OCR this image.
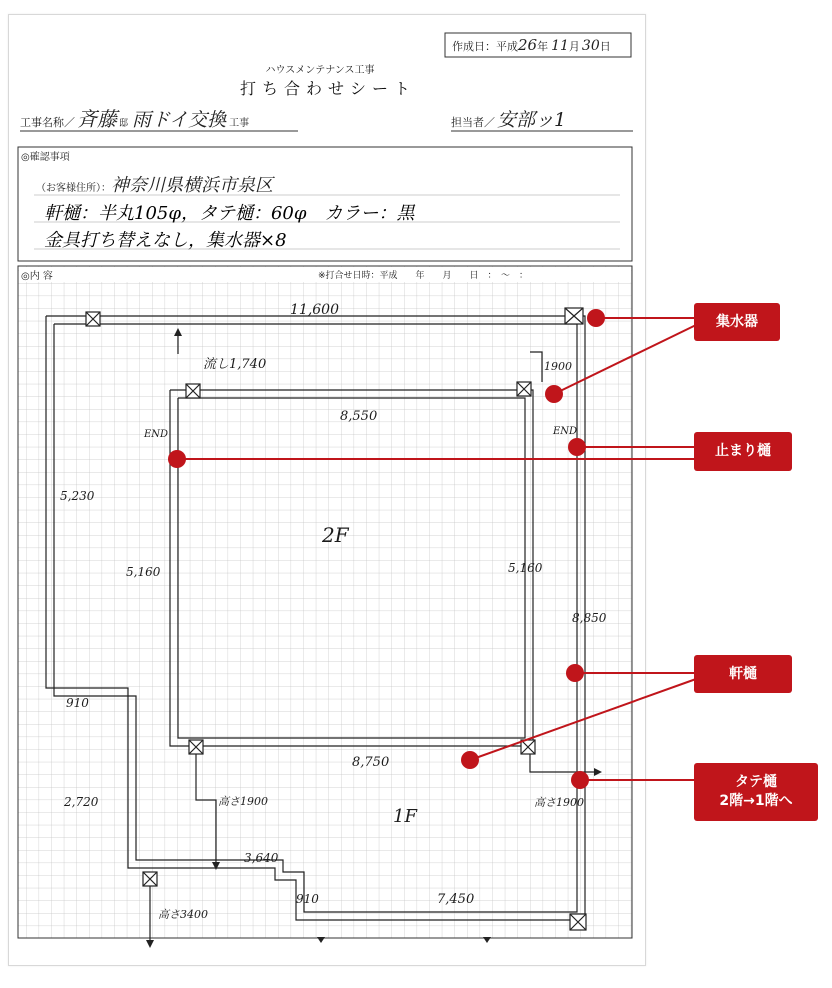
作成日：平成26年 11月 30日
ハウスメンテナンス工事
打ち合わせシート
工事名称／ 斉藤 邸 雨ドイ交換 工事	担当者／ 安部ッ1
◎確認事項
（お客様住所）：神奈川県横浜市泉区
軒樋：半丸105φ，タテ樋：60φ　カラー：黒
金具打ち替えなし，集水器×8
◎内 容	※打合せ日時：平成　　年　　月　　日　：　〜　：
11,600
流し1,740	1900
8,550
END	END
5,230
2F
5,160	5,160
8,850
910
8,750
2,720	高さ1900	高さ1900
1F
3,640
910	7,450
高さ3400
集水器
止まり樋
軒樋
タテ樋
2階→1階へ
